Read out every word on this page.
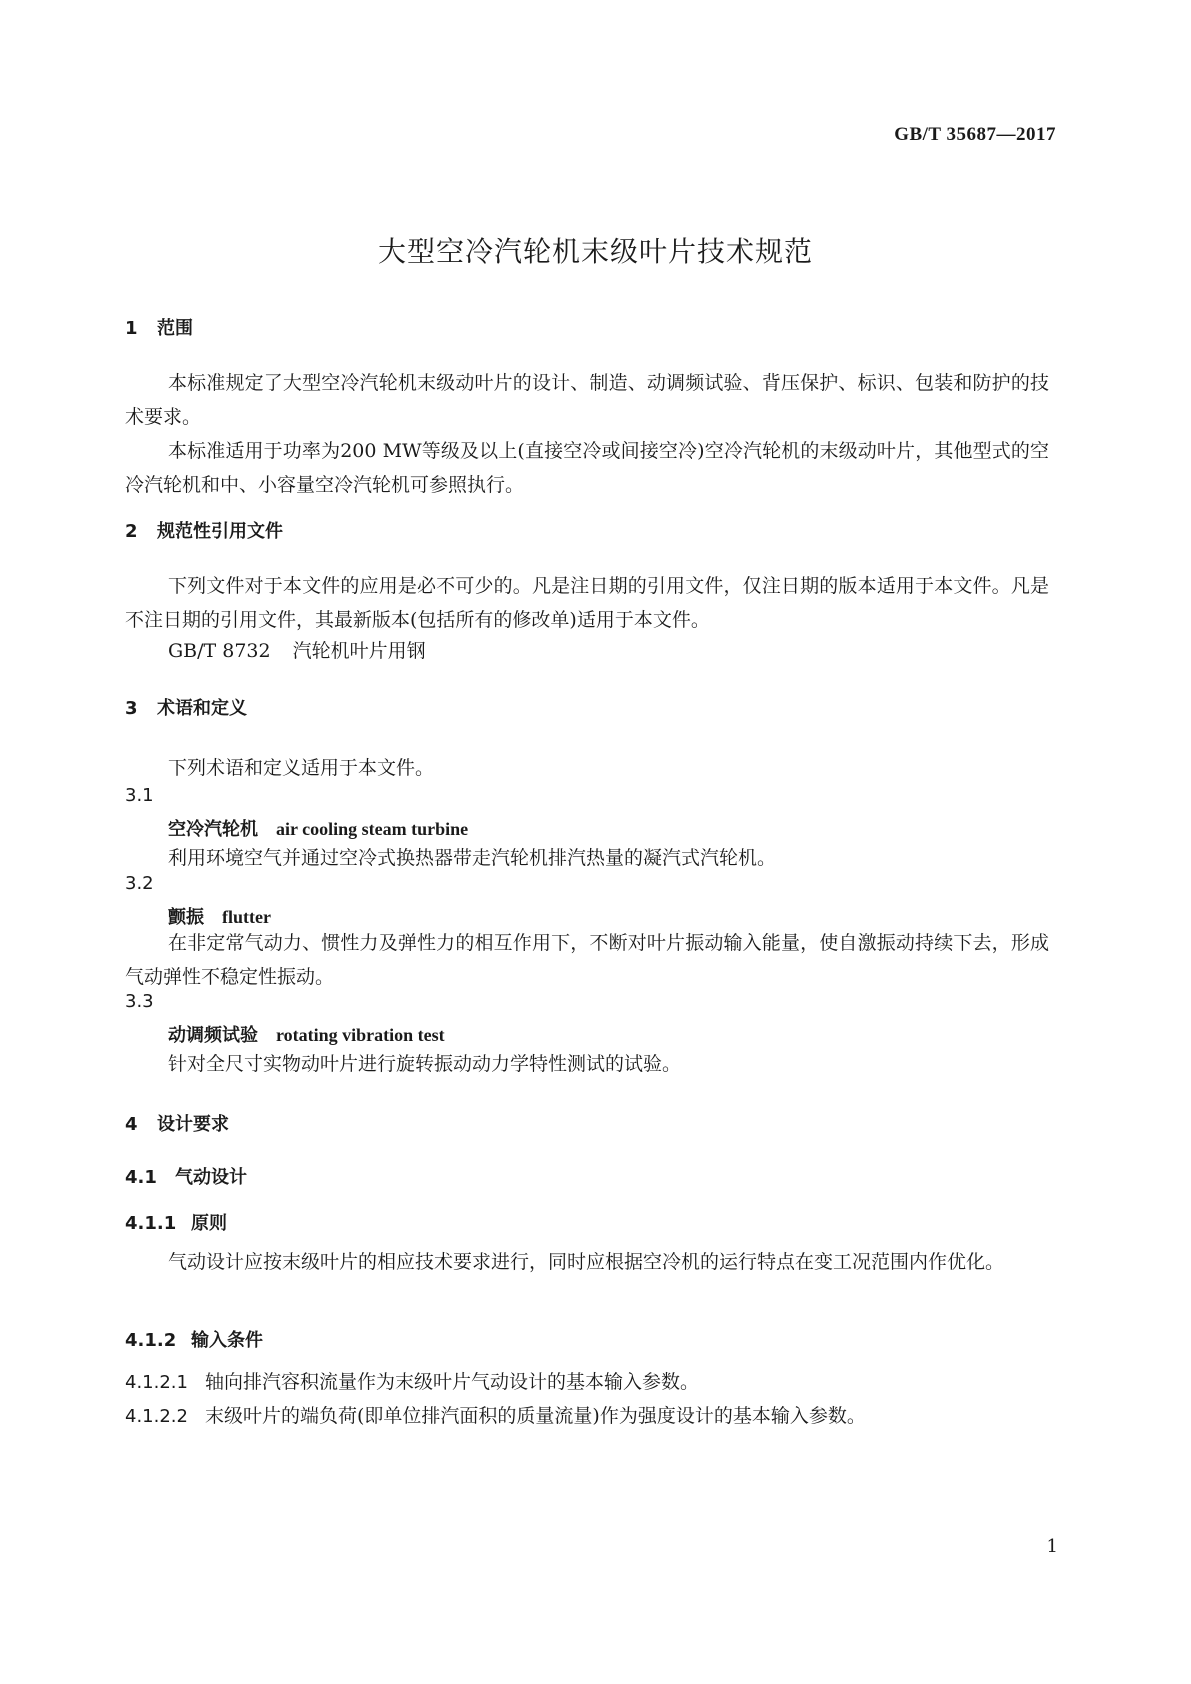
GB/T 35687—2017
大型空冷汽轮机末级叶片技术规范
1 范围
本标准规定了大型空冷汽轮机末级动叶片的设计、制造、动调频试验、背压保护、标识、包装和防护的技术要求。
本标准适用于功率为200 MW等级及以上(直接空冷或间接空冷)空冷汽轮机的末级动叶片，其他型式的空冷汽轮机和中、小容量空冷汽轮机可参照执行。
2 规范性引用文件
下列文件对于本文件的应用是必不可少的。凡是注日期的引用文件，仅注日期的版本适用于本文件。凡是不注日期的引用文件，其最新版本(包括所有的修改单)适用于本文件。
GB/T 8732 汽轮机叶片用钢
3 术语和定义
下列术语和定义适用于本文件。
3.1
空冷汽轮机 air cooling steam turbine
利用环境空气并通过空冷式换热器带走汽轮机排汽热量的凝汽式汽轮机。
3.2
颤振 flutter
在非定常气动力、惯性力及弹性力的相互作用下，不断对叶片振动输入能量，使自激振动持续下去，形成气动弹性不稳定性振动。
3.3
动调频试验 rotating vibration test
针对全尺寸实物动叶片进行旋转振动动力学特性测试的试验。
4 设计要求
4.1 气动设计
4.1.1 原则
气动设计应按末级叶片的相应技术要求进行，同时应根据空冷机的运行特点在变工况范围内作优化。
4.1.2 输入条件
4.1.2.1 轴向排汽容积流量作为末级叶片气动设计的基本输入参数。
4.1.2.2 末级叶片的端负荷(即单位排汽面积的质量流量)作为强度设计的基本输入参数。
1
